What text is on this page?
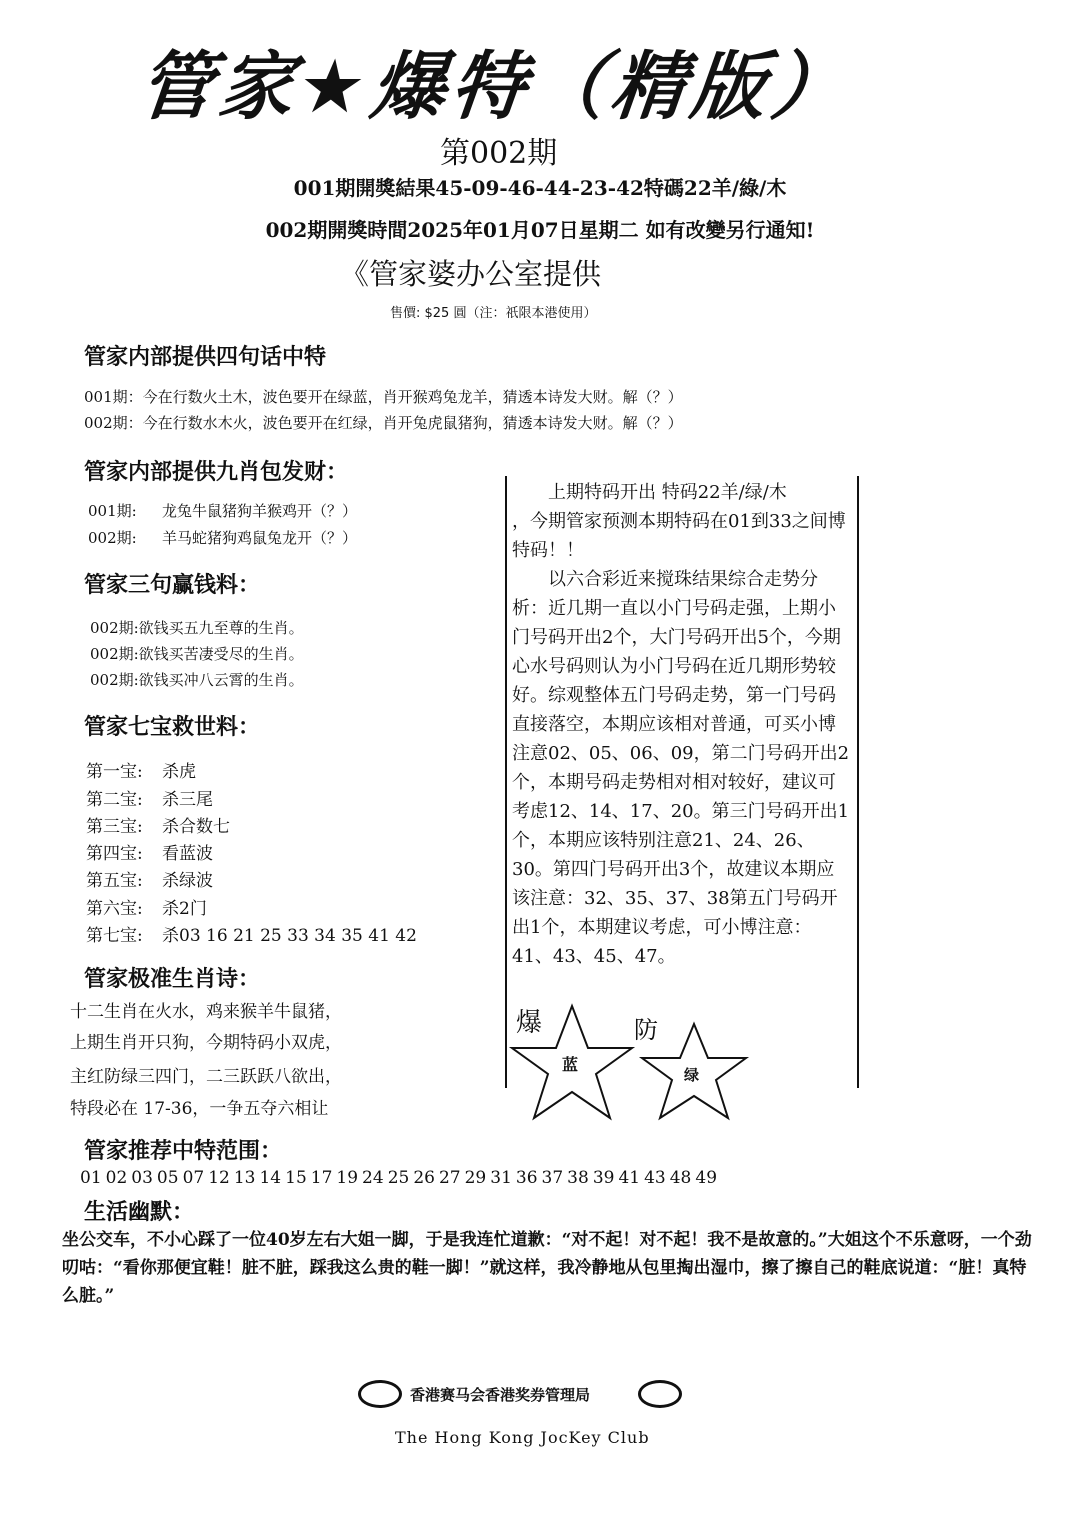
管家★爆特（精版）
第002期
001期開獎結果45-09-46-44-23-42特碼22羊/綠/木
002期開獎時間2025年01月07日星期二 如有改變另行通知!
《管家婆办公室提供
售價: $25 圓（注：祇限本港使用）
管家内部提供四句话中特
001期：今在行数火土木，波色要开在绿蓝，肖开猴鸡兔龙羊，猜透本诗发大财。解（？）
002期：今在行数水木火，波色要开在红绿，肖开兔虎鼠猪狗，猜透本诗发大财。解（？）
管家内部提供九肖包发财：
001期: 龙兔牛鼠猪狗羊猴鸡开（？）
002期: 羊马蛇猪狗鸡鼠兔龙开（？）
管家三句赢钱料：
002期:欲钱买五九至尊的生肖。
002期:欲钱买苦凄受尽的生肖。
002期:欲钱买冲八云霄的生肖。
管家七宝救世料：
第一宝: 杀虎
第二宝: 杀三尾
第三宝: 杀合数七
第四宝: 看蓝波
第五宝: 杀绿波
第六宝: 杀2门
第七宝: 杀03 16 21 25 33 34 35 41 42
管家极准生肖诗：
十二生肖在火水，鸡来猴羊牛鼠猪，
上期生肖开只狗，今期特码小双虎，
主红防绿三四门，二三跃跃八欲出，
特段必在 17-36，一争五夺六相让

上期特码开出 特码22羊/绿/木

，今期管家预测本期特码在01到33之间博特码！！

以六合彩近来搅珠结果综合走势分析：近几期一直以小门号码走强，上期小门号码开出2个，大门号码开出5个，今期心水号码则认为小门号码在近几期形势较好。综观整体五门号码走势，第一门号码直接落空，本期应该相对普通，可买小博注意02、05、06、09，第二门号码开出2个，本期号码走势相对相对较好，建议可考虑12、14、17、20。第三门号码开出1个，本期应该特别注意21、24、26、30。第四门号码开出3个，故建议本期应该注意：32、35、37、38第五门号码开出1个，本期建议考虑，可小博注意：41、43、45、47。

爆	防
蓝
绿
管家推荐中特范围：
01 02 03 05 07 12 13 14 15 17 19 24 25 26 27 29 31 36 37 38 39 41 43 48 49
生活幽默：
坐公交车，不小心踩了一位40岁左右大姐一脚，于是我连忙道歉：“对不起！对不起！我不是故意的。”大姐这个不乐意呀，一个劲叨咕：“看你那便宜鞋！脏不脏，踩我这么贵的鞋一脚！”就这样，我冷静地从包里掏出湿巾，擦了擦自己的鞋底说道：“脏！真特么脏。”
香港赛马会香港奖券管理局
The Hong Kong JocKey Club
